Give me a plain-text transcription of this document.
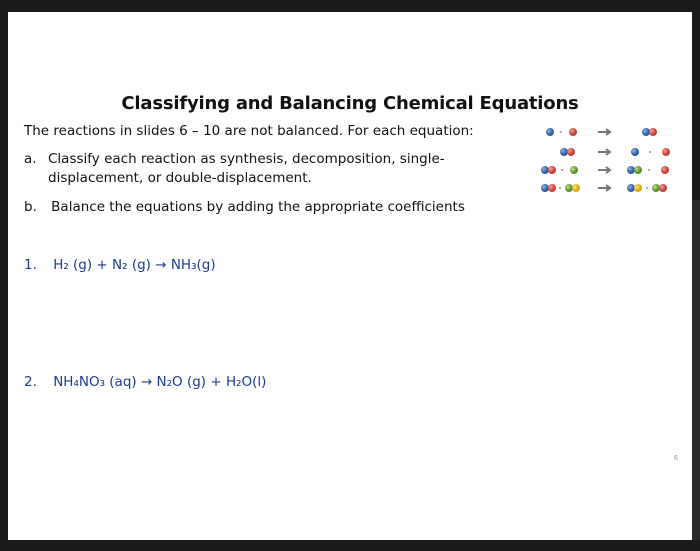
Classifying and Balancing Chemical Equations
The reactions in slides 6 – 10 are not balanced. For each equation:
a. Classify each reaction as synthesis, decomposition, single-
displacement, or double-displacement.
b. Balance the equations by adding the appropriate coefficients
1. H₂ (g) + N₂ (g) → NH₃(g)
2. NH₄NO₃ (aq) → N₂O (g) + H₂O(l)
6
